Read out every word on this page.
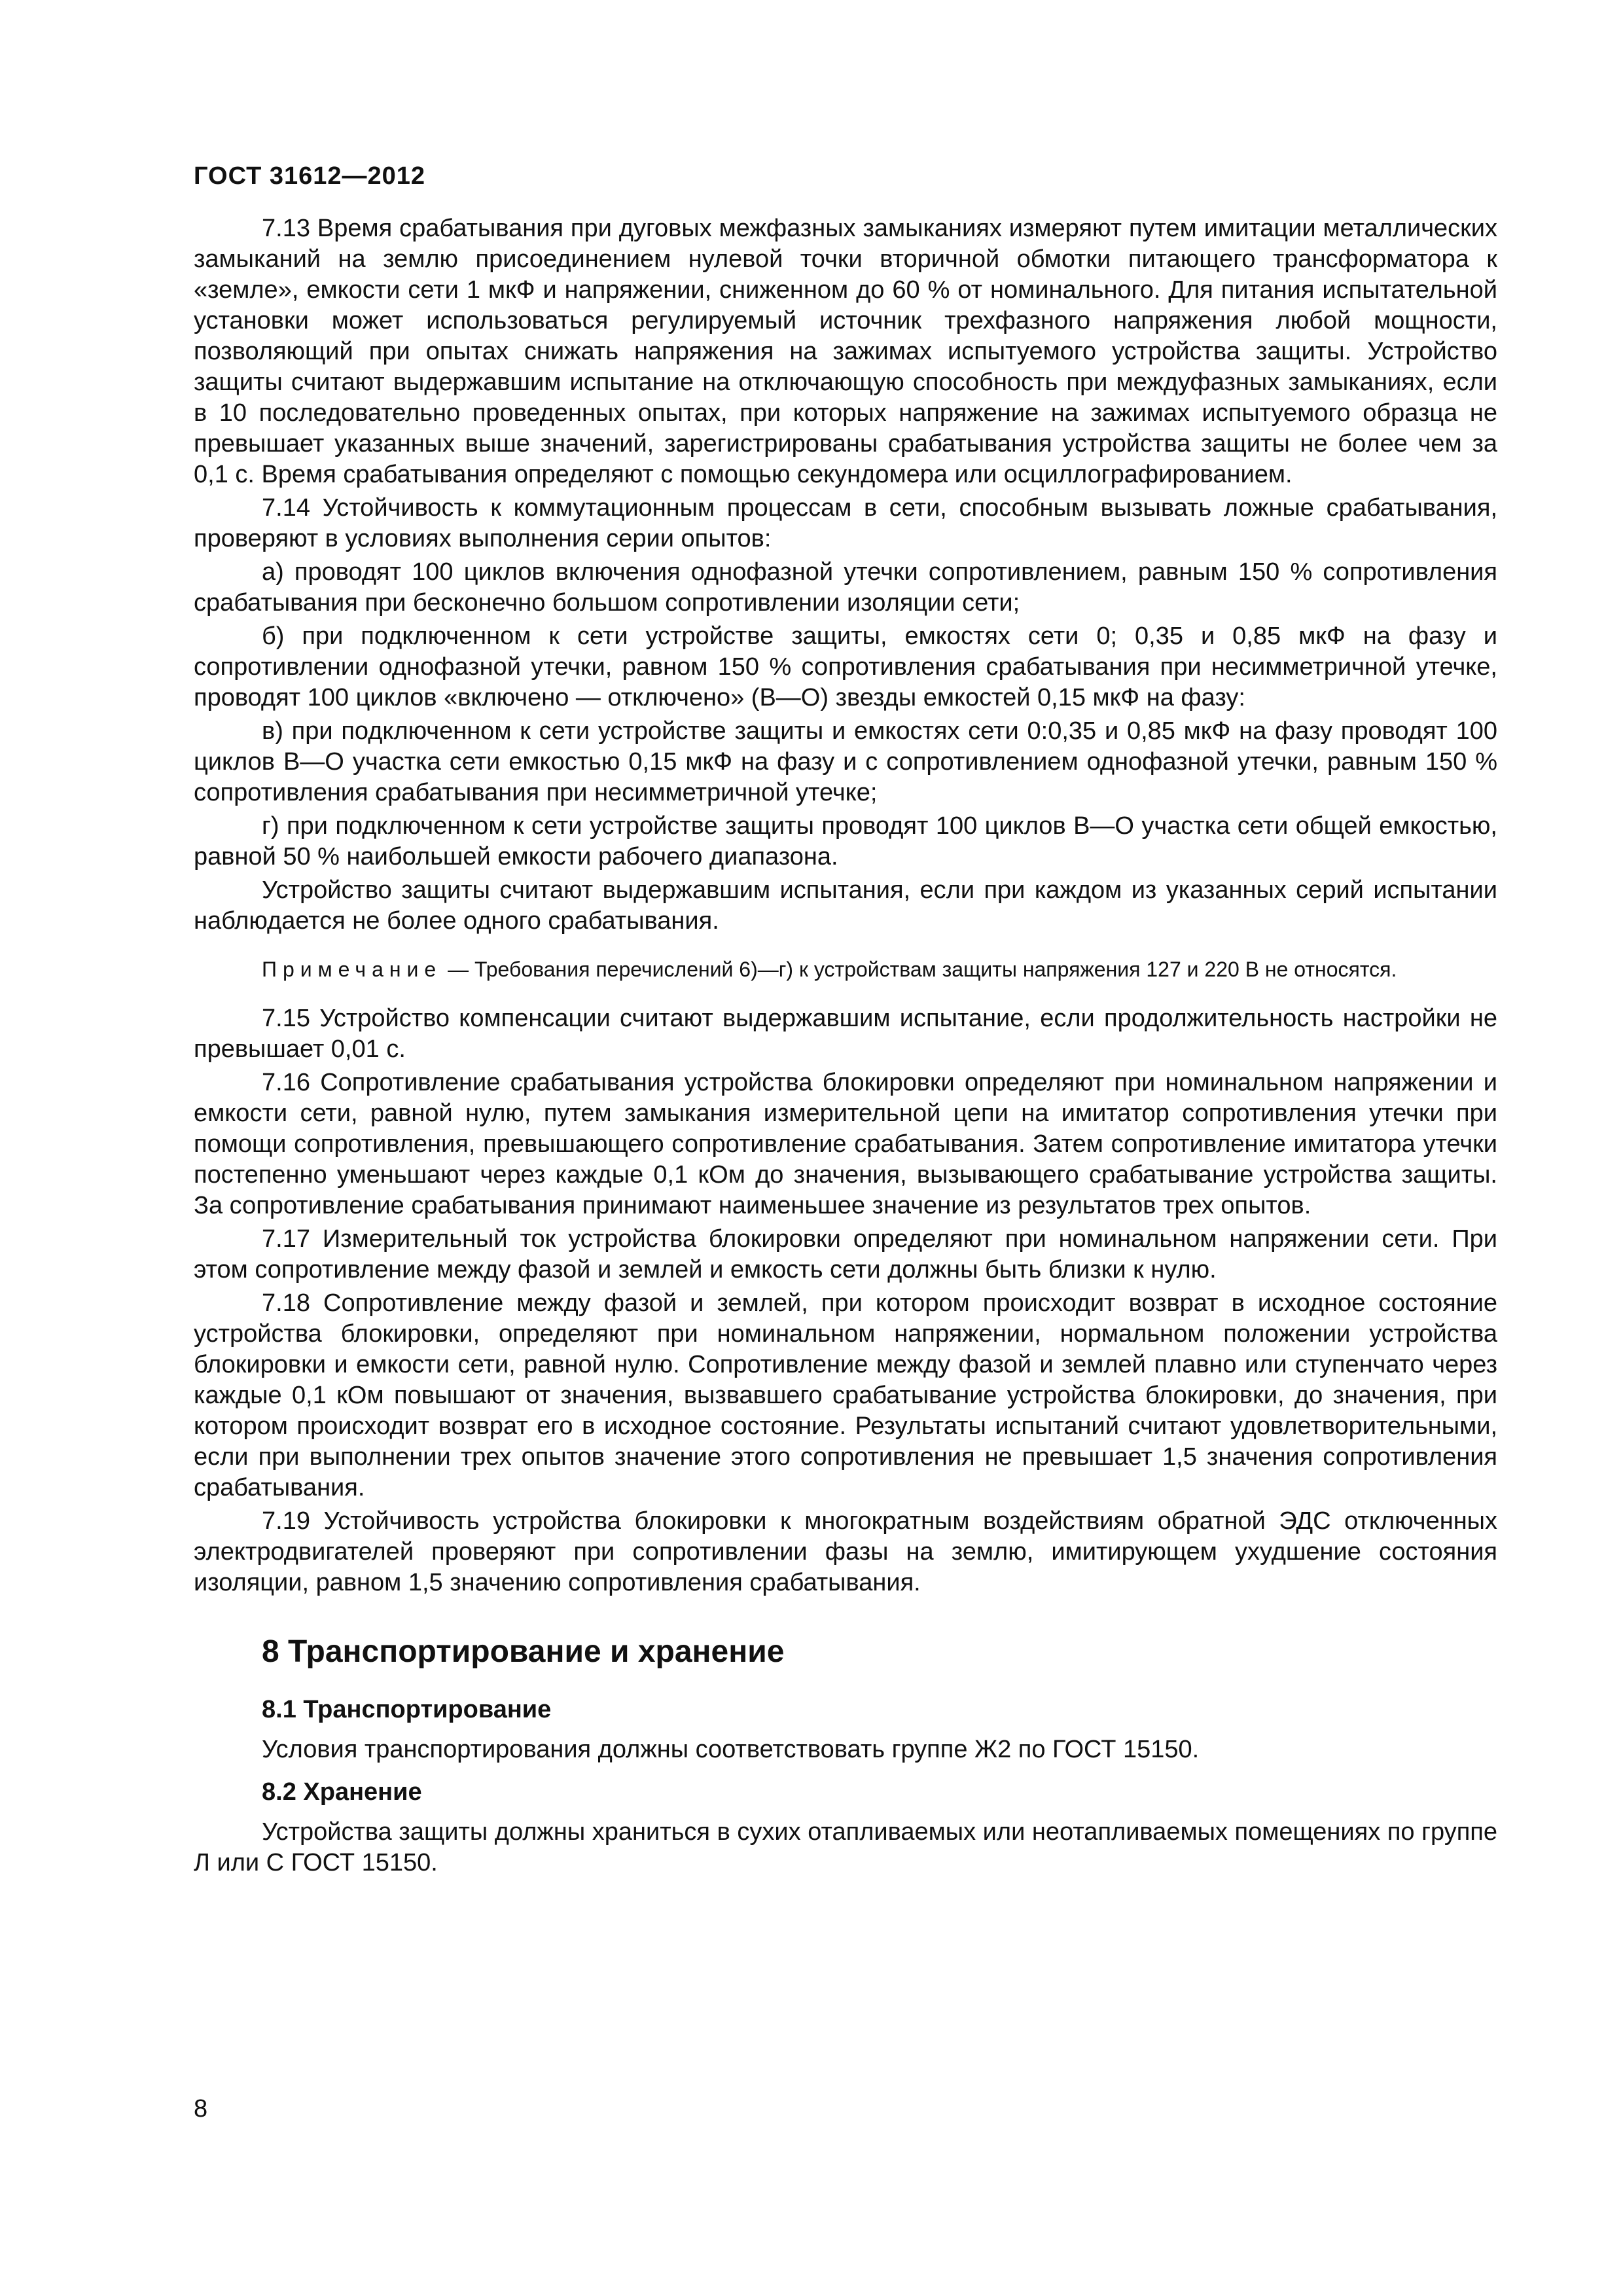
ГОСТ 31612—2012

7.13 Время срабатывания при дуговых межфазных замыканиях измеряют путем имитации металлических замыканий на землю присоединением нулевой точки вторичной обмотки питающего трансформатора к «земле», емкости сети 1 мкФ и напряжении, сниженном до 60 % от номинального. Для питания испытательной установки может использоваться регулируемый источник трехфазного напряжения любой мощности, позволяющий при опытах снижать напряжения на зажимах испытуемого устройства защиты. Устройство защиты считают выдержавшим испытание на отключающую способность при междуфазных замыканиях, если в 10 последовательно проведенных опытах, при которых напряжение на зажимах испытуемого образца не превышает указанных выше значений, зарегистрированы срабатывания устройства защиты не более чем за 0,1 с. Время срабатывания определяют с помощью секундомера или осциллографированием.

7.14 Устойчивость к коммутационным процессам в сети, способным вызывать ложные срабатывания, проверяют в условиях выполнения серии опытов:

а) проводят 100 циклов включения однофазной утечки сопротивлением, равным 150 % сопротивления срабатывания при бесконечно большом сопротивлении изоляции сети;

б) при подключенном к сети устройстве защиты, емкостях сети 0; 0,35 и 0,85 мкФ на фазу и сопротивлении однофазной утечки, равном 150 % сопротивления срабатывания при несимметричной утечке, проводят 100 циклов «включено — отключено» (В—О) звезды емкостей 0,15 мкФ на фазу:

в) при подключенном к сети устройстве защиты и емкостях сети 0:0,35 и 0,85 мкФ на фазу проводят 100 циклов В—О участка сети емкостью 0,15 мкФ на фазу и с сопротивлением однофазной утечки, равным 150 % сопротивления срабатывания при несимметричной утечке;

г) при подключенном к сети устройстве защиты проводят 100 циклов В—О участка сети общей емкостью, равной 50 % наибольшей емкости рабочего диапазона.

Устройство защиты считают выдержавшим испытания, если при каждом из указанных серий испытании наблюдается не более одного срабатывания.

Примечание — Требования перечислений 6)—г) к устройствам защиты напряжения 127 и 220 В не относятся.

7.15 Устройство компенсации считают выдержавшим испытание, если продолжительность настройки не превышает 0,01 с.

7.16 Сопротивление срабатывания устройства блокировки определяют при номинальном напряжении и емкости сети, равной нулю, путем замыкания измерительной цепи на имитатор сопротивления утечки при помощи сопротивления, превышающего сопротивление срабатывания. Затем сопротивление имитатора утечки постепенно уменьшают через каждые 0,1 кОм до значения, вызывающего срабатывание устройства защиты. За сопротивление срабатывания принимают наименьшее значение из результатов трех опытов.

7.17 Измерительный ток устройства блокировки определяют при номинальном напряжении сети. При этом сопротивление между фазой и землей и емкость сети должны быть близки к нулю.

7.18 Сопротивление между фазой и землей, при котором происходит возврат в исходное состояние устройства блокировки, определяют при номинальном напряжении, нормальном положении устройства блокировки и емкости сети, равной нулю. Сопротивление между фазой и землей плавно или ступенчато через каждые 0,1 кОм повышают от значения, вызвавшего срабатывание устройства блокировки, до значения, при котором происходит возврат его в исходное состояние. Результаты испытаний считают удовлетворительными, если при выполнении трех опытов значение этого сопротивления не превышает 1,5 значения сопротивления срабатывания.

7.19 Устойчивость устройства блокировки к многократным воздействиям обратной ЭДС отключенных электродвигателей проверяют при сопротивлении фазы на землю, имитирующем ухудшение состояния изоляции, равном 1,5 значению сопротивления срабатывания.

8 Транспортирование и хранение
8.1 Транспортирование

Условия транспортирования должны соответствовать группе Ж2 по ГОСТ 15150.

8.2 Хранение

Устройства защиты должны храниться в сухих отапливаемых или неотапливаемых помещениях по группе Л или С ГОСТ 15150.

8
